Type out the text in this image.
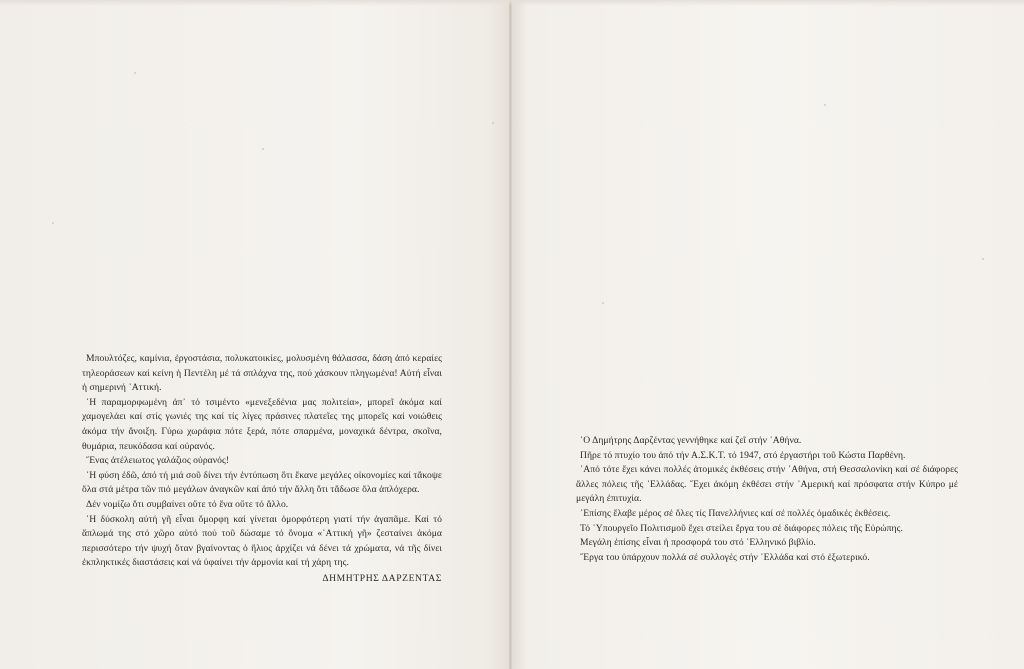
Μπουλτόζες, καμίνια, ἐργοστάσια, πολυκατοικίες, μολυσμένη θάλασσα, δάση ἀπό κεραίες τηλεοράσεων καί κείνη ἡ Πεντέλη μέ τά σπλάχνα της, πού χάσκουν πληγωμένα! Αὐτή εἶναι ἡ σημερινή ᾽Αττική.

῾Η παραμορφωμένη ἀπ᾽ τό τσιμέντο «μενεξεδένια μας πολιτεία», μπορεῖ ἀκόμα καί χαμογελάει καί στίς γωνιές της καί τίς λίγες πράσινες πλατεῖες της μπορεῖς καί νοιώθεις ἀκόμα τήν ἄνοιξη. Γύρω χωράφια πότε ξερά, πότε σπαρμένα, μοναχικά δέντρα, σκοῖνα, θυμάρια, πευκόδασα καί οὐρανός.

῞Ενας ἀτέλειωτος γαλάζιος οὐρανός!

῾Η φύση ἐδῶ, ἀπό τή μιά σοῦ δίνει τήν ἐντύπωση ὅτι ἔκανε μεγάλες οἰκονομίες καί τἄκοψε ὅλα στά μέτρα τῶν πιό μεγάλων ἀναγκῶν καί ἀπό τήν ἄλλη ὅτι τἄδωσε ὅλα ἀπλόχερα.

Δέν νομίζω ὅτι συμβαίνει οὔτε τό ἕνα οὔτε τό ἄλλο.

῾Η δύσκολη αὐτή γῆ εἶναι ὄμορφη καί γίνεται ὀμορφότερη γιατί τήν ἀγαπᾶμε. Καί τό ἅπλωμά της στό χῶρο αὐτό πού τοῦ δώσαμε τό ὄνομα «᾽Αττική γῆ» ζεσταίνει ἀκόμα περισσότερο τήν ψυχή ὅταν βγαίνοντας ὁ ἥλιος ἀρχίζει νά δένει τά χρώματα, νά τῆς δίνει ἐκπληκτικές διαστάσεις καί νά ὑφαίνει τήν ἁρμονία καί τή χάρη της.

ΔΗΜΗΤΡΗΣ ΔΑΡΖΕΝΤΑΣ

῾Ο Δημήτρης Δαρζέντας γεννήθηκε καί ζεῖ στήν ᾽Αθήνα.

Πῆρε τό πτυχίο του ἀπό τήν Α.Σ.Κ.Τ. τό 1947, στό ἐργαστήρι τοῦ Κώστα Παρθένη.

᾽Από τότε ἔχει κάνει πολλές ἀτομικές ἐκθέσεις στήν ᾽Αθήνα, στή Θεσσαλονίκη καί σέ διάφορες ἄλλες πόλεις τῆς ῾Ελλάδας. ῎Εχει ἀκόμη ἐκθέσει στήν ᾽Αμερική καί πρόσφατα στήν Κύπρο μέ μεγάλη ἐπιτυχία.

᾽Επίσης ἔλαβε μέρος σέ ὅλες τίς Πανελλήνιες καί σέ πολλές ὁμαδικές ἐκθέσεις.

Τό ῾Υπουργεῖο Πολιτισμοῦ ἔχει στείλει ἔργα του σέ διάφορες πόλεις τῆς Εὐρώπης.

Μεγάλη ἐπίσης εἶναι ἡ προσφορά του στό ῾Ελληνικό βιβλίο.

῎Εργα του ὑπάρχουν πολλά σέ συλλογές στήν ῾Ελλάδα καί στό ἐξωτερικό.
